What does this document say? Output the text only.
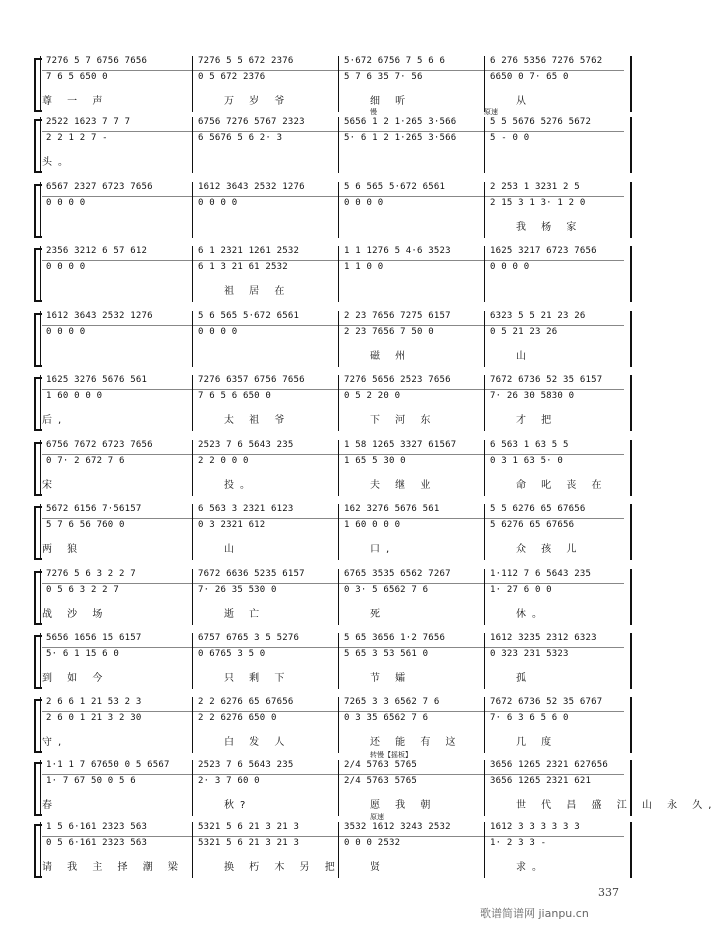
7276 5 7 6756 7656
7 6 5 650 0
尊 一 声
7276 5 5 672 2376
0 5 672 2376
万 岁 爷
5·672 6756 7 5 6 6
5 7 6 35 7· 56
细 听
6 276 5356 7276 5762
6650 0 7· 65 0
从
2522 1623 7 7 7
2 2 1 2 7 -
头。
6756 7276 5767 2323
6 5676 5 6 2· 3
5656 1 2 1·265 3·566
5· 6 1 2 1·265 3·566
5 5 5676 5276 5672
5 - 0 0
慢	原速
6567 2327 6723 7656
0 0 0 0
1612 3643 2532 1276
0 0 0 0
5 6 565 5·672 6561
0 0 0 0
2 253 1 3231 2 5
2 15 3 1 3· 1 2 0
我 杨 家
2356 3212 6 57 612
0 0 0 0
6 1 2321 1261 2532
6 1 3 21 61 2532
祖 居 在
1 1 1276 5 4·6 3523
1 1 0 0
1625 3217 6723 7656
0 0 0 0
1612 3643 2532 1276
0 0 0 0
5 6 565 5·672 6561
0 0 0 0
2 23 7656 7275 6157
2 23 7656 7 50 0
磁 州
6323 5 5 21 23 26
0 5 21 23 26
山
1625 3276 5676 561
1 60 0 0 0
后,
7276 6357 6756 7656
7 6 5 6 650 0
太 祖 爷
7276 5656 2523 7656
0 5 2 20 0
下 河 东
7672 6736 52 35 6157
7· 26 30 5830 0
才 把
6756 7672 6723 7656
0 7· 2 672 7 6
宋
2523 7 6 5643 235
2 2 0 0 0
投。
1 58 1265 3327 61567
1 65 5 30 0
夫 继 业
6 563 1 63 5 5
0 3 1 63 5· 0
命 叱 丧 在
5672 6156 7·56157
5 7 6 56 760 0
两 狼
6 563 3 2321 6123
0 3 2321 612
山
162 3276 5676 561
1 60 0 0 0
口,
5 5 6276 65 67656
5 6276 65 67656
众 孩 儿
7276 5 6 3 2 2 7
0 5 6 3 2 2 7
战 沙 场
7672 6636 5235 6157
7· 26 35 530 0
逝 亡
6765 3535 6562 7267
0 3· 5 6562 7 6
死
1·112 7 6 5643 235
1· 27 6 0 0
休。
5656 1656 15 6157
5· 6 1 15 6 0
到 如 今
6757 6765 3 5 5276
0 6765 3 5 0
只 剩 下
5 65 3656 1·2 7656
5 65 3 53 561 0
节 孀
1612 3235 2312 6323
0 323 231 5323
孤
2 6 6 1 21 53 2 3
2 6 0 1 21 3 2 30
守,
2 2 6276 65 67656
2 2 6276 650 0
白 发 人
7265 3 3 6562 7 6
0 3 35 6562 7 6
还 能 有 这
7672 6736 52 35 6767
7· 6 3 6 5 6 0
几 度
1·1 1 7 67650 0 5 6567
1· 7 67 50 0 5 6
春
2523 7 6 5643 235
2· 3 7 60 0
秋?
2/4 5763 5765
2/4 5763 5765
愿 我 朝
3656 1265 2321 627656
3656 1265 2321 621
世 代 昌 盛 江 山 永 久,
转慢【摇板】
1 5 6·161 2323 563
0 5 6·161 2323 563
请 我 主 择 潮 梁
5321 5 6 21 3 21 3
5321 5 6 21 3 21 3
换 朽 木 另 把
3532 1612 3243 2532
0 0 0 2532
贤
1612 3 3 3 3 3 3
1· 2 3 3 -
求。
原速
337
歌谱简谱网 jianpu.cn
